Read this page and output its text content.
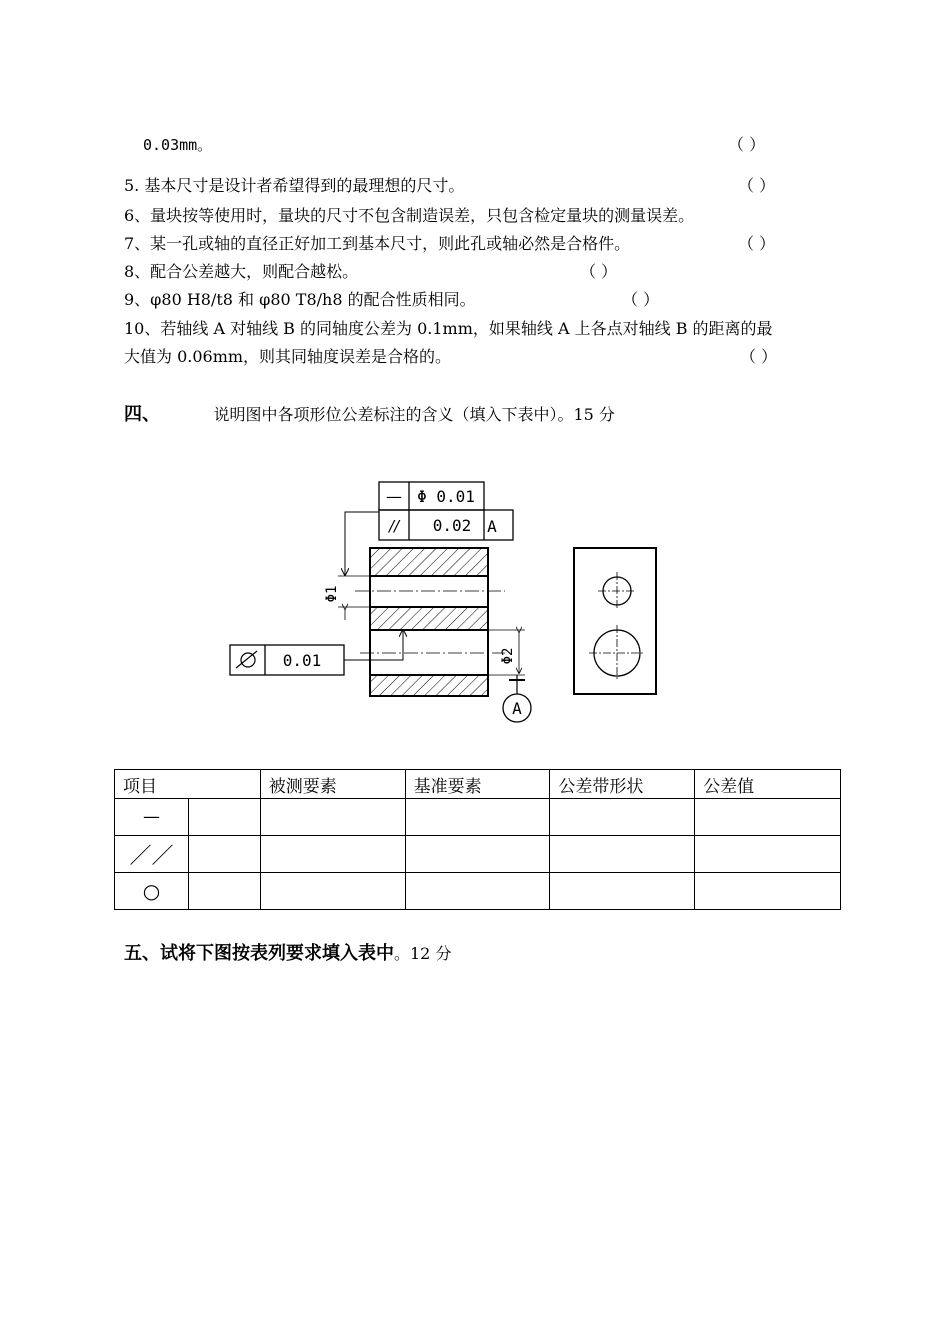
0.03mm。	（ ）
5. 基本尺寸是设计者希望得到的最理想的尺寸。	（ ）
6、量块按等使用时，量块的尺寸不包含制造误差，只包含检定量块的测量误差。
7、某一孔或轴的直径正好加工到基本尺寸，则此孔或轴必然是合格件。	（ ）
8、配合公差越大，则配合越松。	（ ）
9、φ80 H8/t8 和 φ80 T8/h8 的配合性质相同。	（ ）
10、若轴线 A 对轴线 B 的同轴度公差为 0.1mm，如果轴线 A 上各点对轴线 B 的距离的最
大值为 0.06mm，则其同轴度误差是合格的。	（ ）
四、	说明图中各项形位公差标注的含义（填入下表中）。15 分
— Φ 0.01
// 0.02 A
Φ1
0.01	Φ2
A
项目		被测要素	基准要素	公差带形状	公差值
—					
／／					
○					
五、试将下图按表列要求填入表中。12 分
